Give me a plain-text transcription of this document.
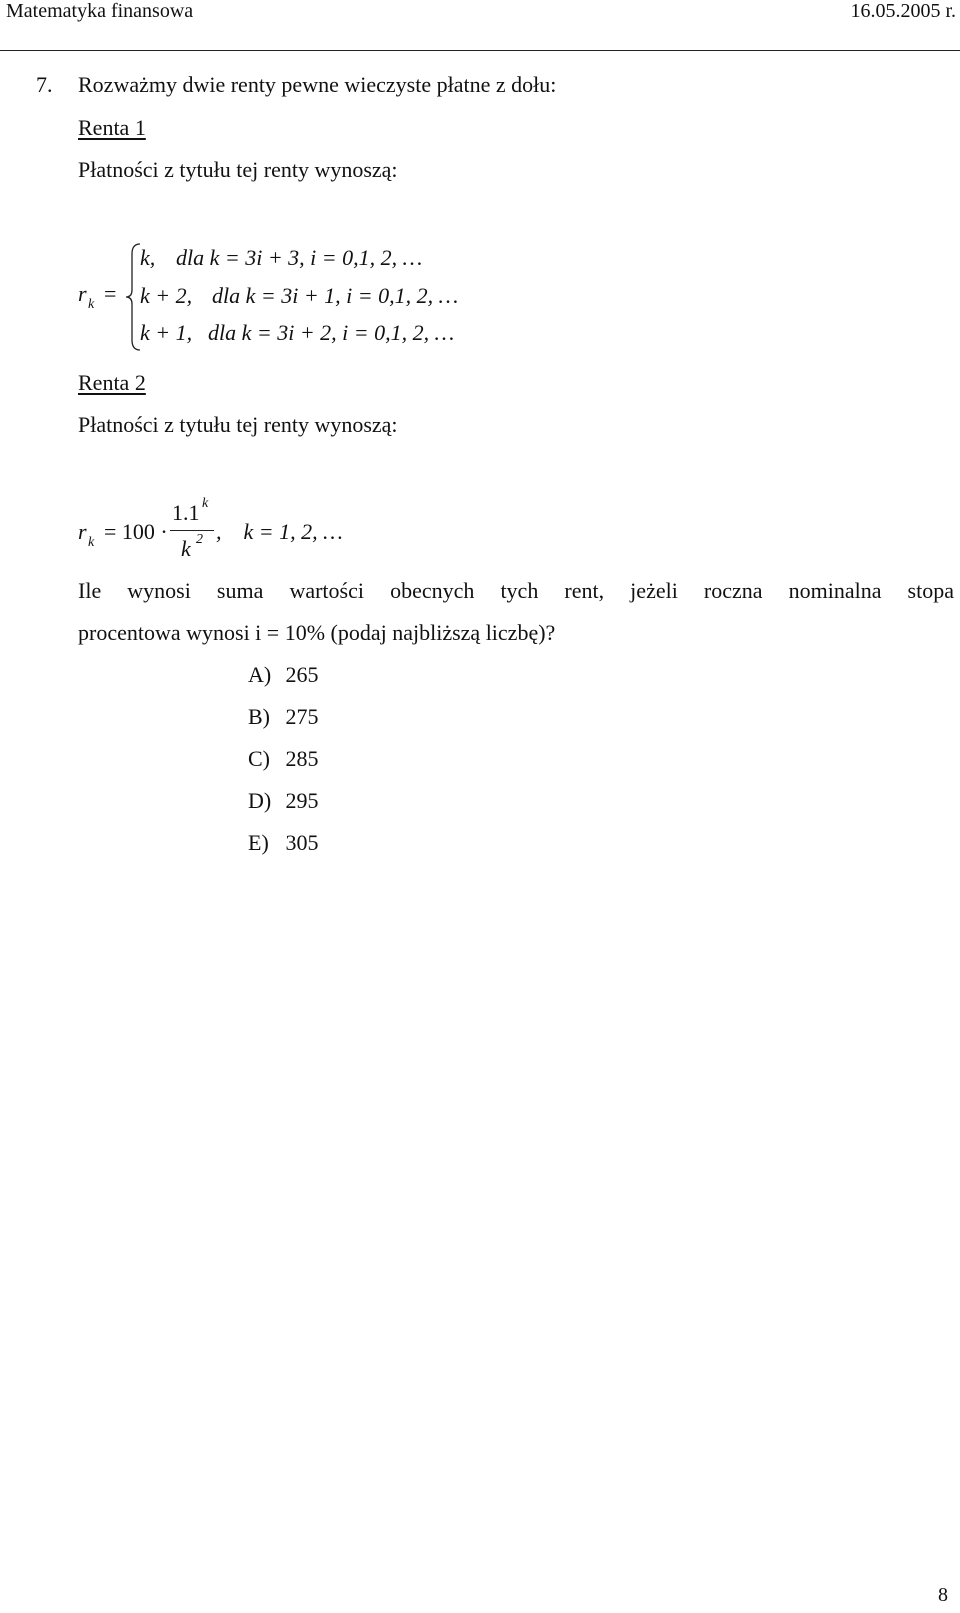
Matematyka finansowa	16.05.2005 r.
7. Rozważmy dwie renty pewne wieczyste płatne z dołu:
Renta 1
Płatności z tytułu tej renty wynoszą:
r k =
k, dla k = 3i + 3, i = 0,1, 2, …
k + 2, dla k = 3i + 1, i = 0,1, 2, …
k + 1, dla k = 3i + 2, i = 0,1, 2, …
Renta 2
Płatności z tytułu tej renty wynoszą:
r k = 100 ·
1.1 k
k 2 ,    k = 1, 2, …
Ile wynosi suma wartości obecnych tych rent, jeżeli roczna nominalna stopa
procentowa wynosi i = 10% (podaj najbliższą liczbę)?
A) 265
B) 275
C) 285
D) 295
E) 305
8
